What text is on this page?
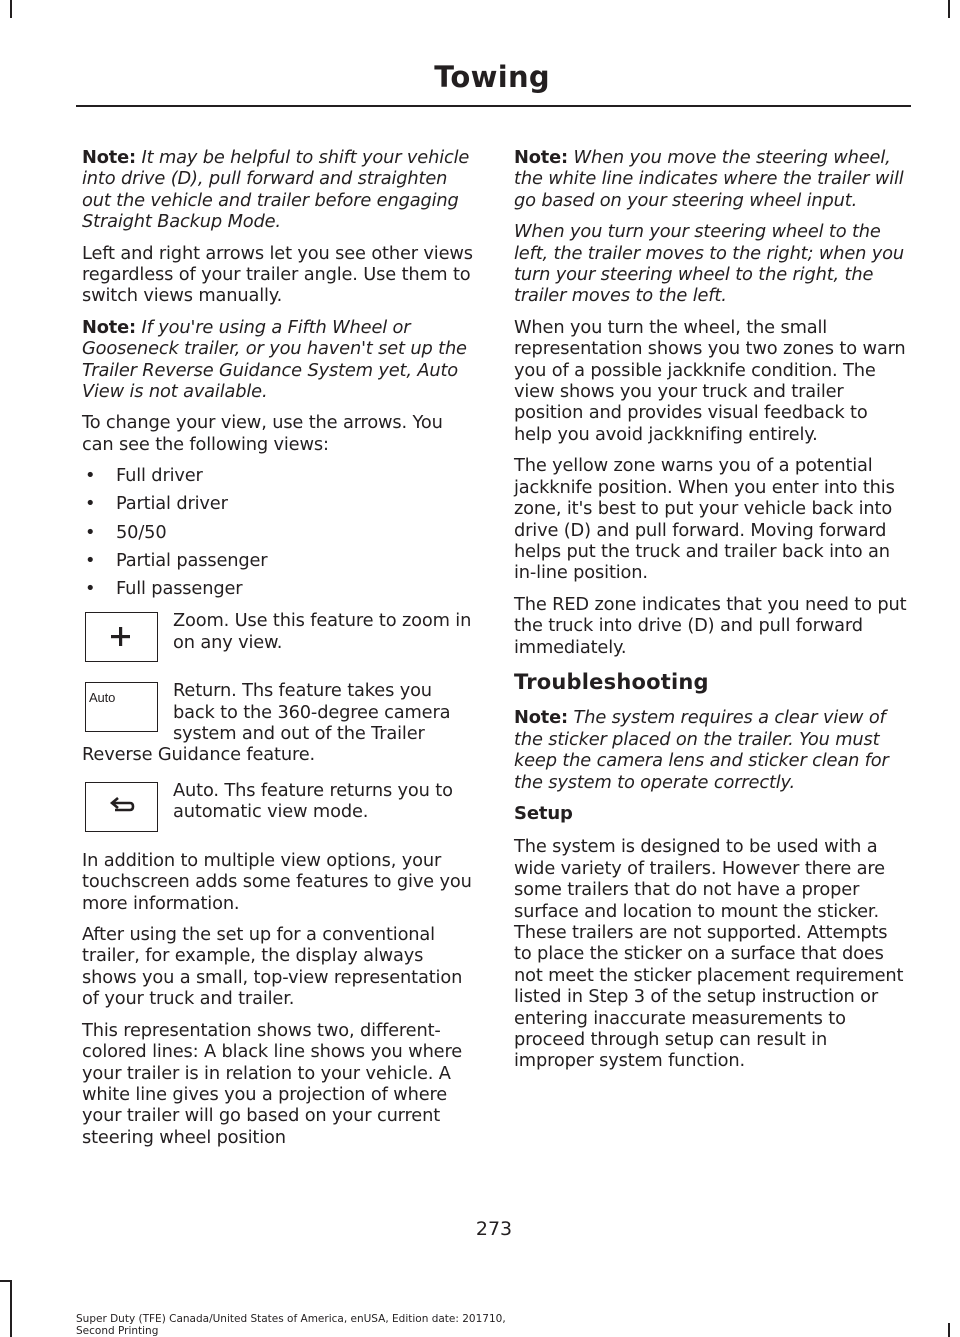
Towing

Note: It may be helpful to shift your vehicle into drive (D), pull forward and straighten out the vehicle and trailer before engaging Straight Backup Mode.

Left and right arrows let you see other views regardless of your trailer angle. Use them to switch views manually.

Note: If you're using a Fifth Wheel or Gooseneck trailer, or you haven't set up the Trailer Reverse Guidance System yet, Auto View is not available.

To change your view, use the arrows. You can see the following views:

• Full driver
• Partial driver
• 50/50
• Partial passenger
• Full passenger
Zoom. Use this feature to zoom in on any view.
Auto	Return. Ths feature takes you back to the 360-degree camera system and out of the Trailer Reverse Guidance feature.
Auto. Ths feature returns you to automatic view mode.

In addition to multiple view options, your touchscreen adds some features to give you more information.

After using the set up for a conventional trailer, for example, the display always shows you a small, top-view representation of your truck and trailer.

This representation shows two, different-colored lines: A black line shows you where your trailer is in relation to your vehicle. A white line gives you a projection of where your trailer will go based on your current steering wheel position

Note: When you move the steering wheel, the white line indicates where the trailer will go based on your steering wheel input.

When you turn your steering wheel to the left, the trailer moves to the right; when you turn your steering wheel to the right, the trailer moves to the left.

When you turn the wheel, the small representation shows you two zones to warn you of a possible jackknife condition. The view shows you your truck and trailer position and provides visual feedback to help you avoid jackknifing entirely.

The yellow zone warns you of a potential jackknife position. When you enter into this zone, it's best to put your vehicle back into drive (D) and pull forward. Moving forward helps put the truck and trailer back into an in-line position.

The RED zone indicates that you need to put the truck into drive (D) and pull forward immediately.

Troubleshooting

Note: The system requires a clear view of the sticker placed on the trailer. You must keep the camera lens and sticker clean for the system to operate correctly.

Setup

The system is designed to be used with a wide variety of trailers. However there are some trailers that do not have a proper surface and location to mount the sticker. These trailers are not supported. Attempts to place the sticker on a surface that does not meet the sticker placement requirement listed in Step 3 of the setup instruction or entering inaccurate measurements to proceed through setup can result in improper system function.

273
Super Duty (TFE) Canada/United States of America, enUSA, Edition date: 201710, Second Printing
